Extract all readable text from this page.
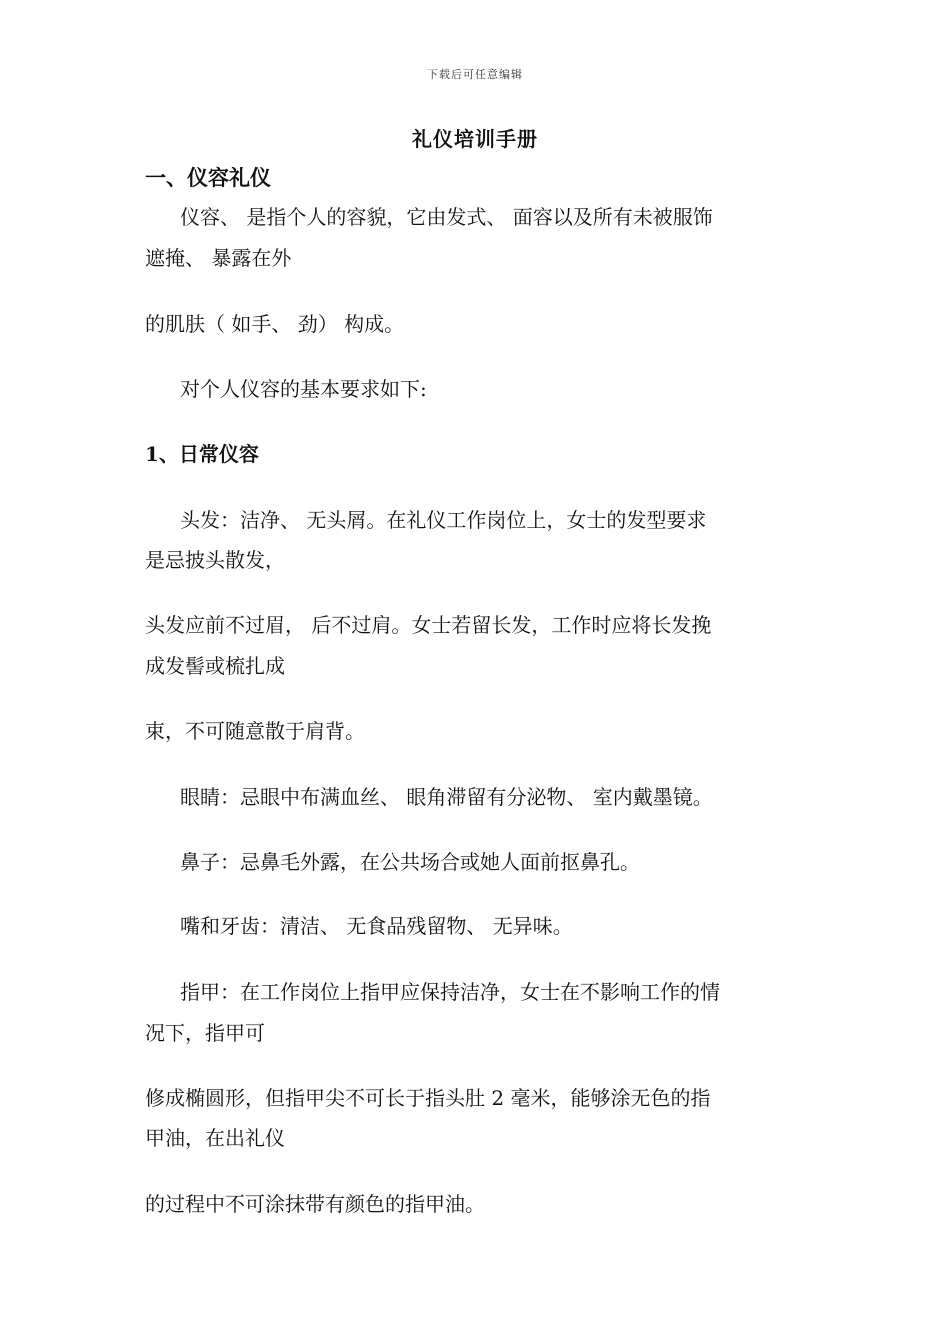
下载后可任意编辑
礼仪培训手册
一、仪容礼仪
仪容、 是指个人的容貌，它由发式、 面容以及所有未被服饰
遮掩、 暴露在外
的肌肤（ 如手、 劲） 构成。
对个人仪容的基本要求如下:
1、日常仪容
头发：洁净、 无头屑。在礼仪工作岗位上，女士的发型要求
是忌披头散发，
头发应前不过眉， 后不过肩。女士若留长发，工作时应将长发挽
成发髻或梳扎成
束，不可随意散于肩背。
眼睛：忌眼中布满血丝、 眼角滞留有分泌物、 室内戴墨镜。
鼻子：忌鼻毛外露，在公共场合或她人面前抠鼻孔。
嘴和牙齿：清洁、 无食品残留物、 无异味。
指甲：在工作岗位上指甲应保持洁净，女士在不影响工作的情
况下，指甲可
修成椭圆形，但指甲尖不可长于指头肚 2 毫米，能够涂无色的指
甲油，在出礼仪
的过程中不可涂抹带有颜色的指甲油。
